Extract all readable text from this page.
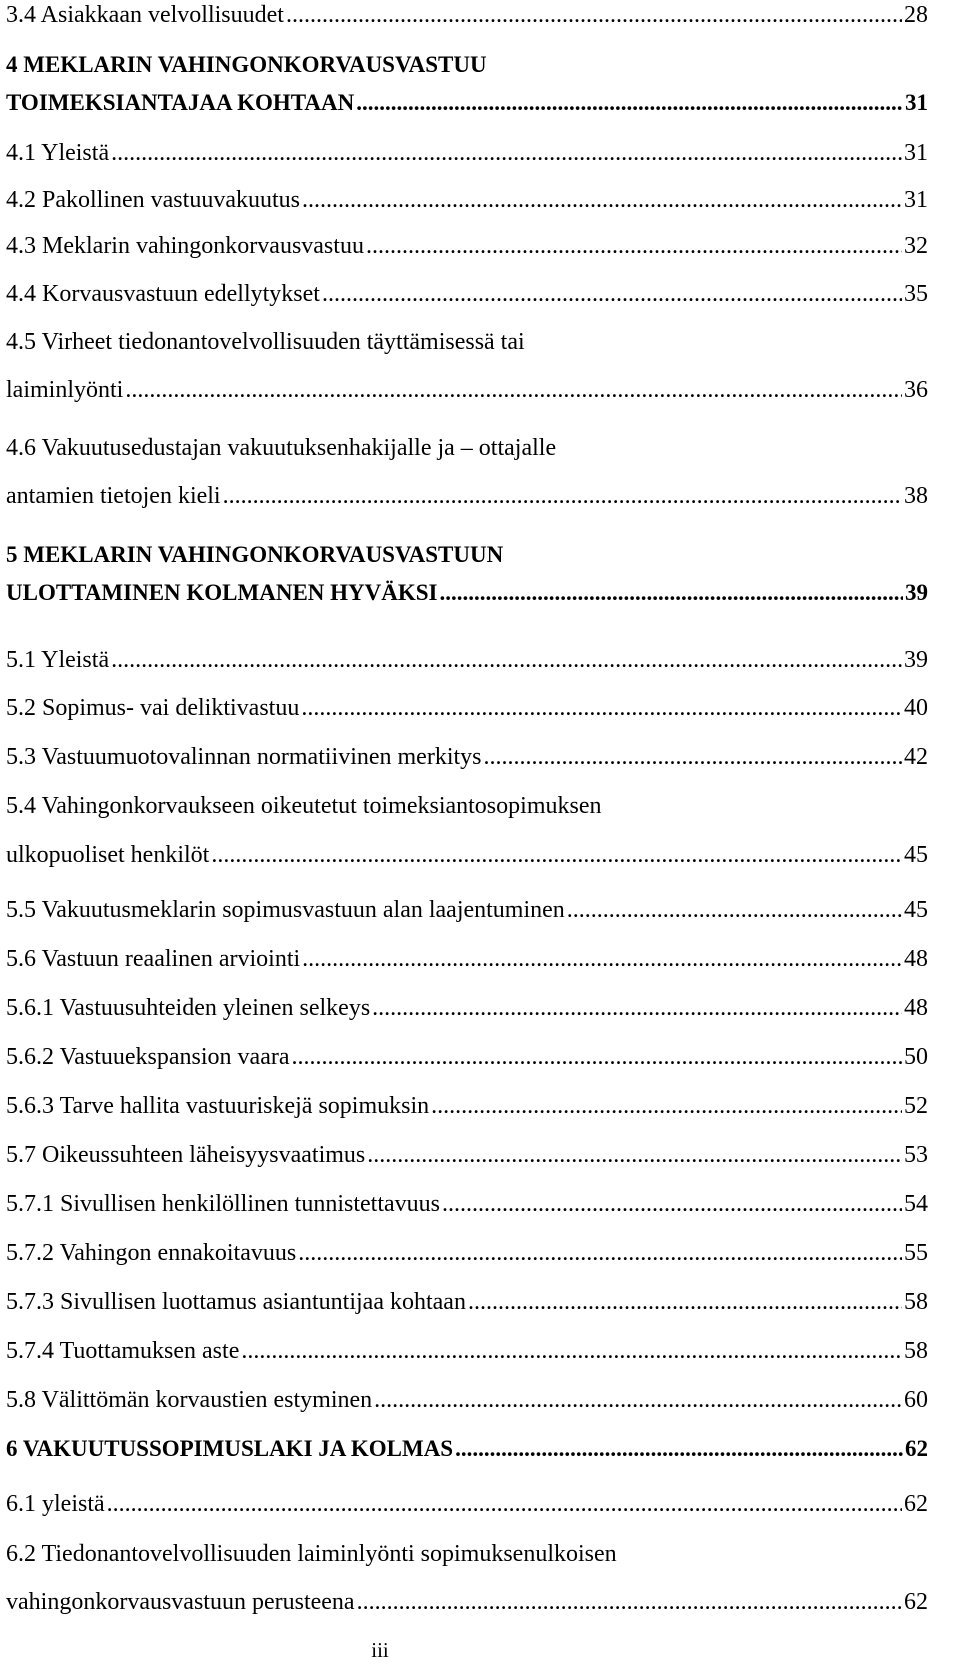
3.4 Asiakkaan velvollisuudet .....	28
4 MEKLARIN VAHINGONKORVAUSVASTUU
TOIMEKSIANTAJAA KOHTAAN .....	31
4.1 Yleistä .....	31
4.2 Pakollinen vastuuvakuutus .....	31
4.3 Meklarin vahingonkorvausvastuu .....	32
4.4 Korvausvastuun edellytykset .....	35
4.5 Virheet tiedonantovelvollisuuden täyttämisessä tai
laiminlyönti .....	36
4.6 Vakuutusedustajan vakuutuksenhakijalle ja – ottajalle
antamien tietojen kieli .....	38
5 MEKLARIN VAHINGONKORVAUSVASTUUN
ULOTTAMINEN KOLMANEN HYVÄKSI .....	39
5.1 Yleistä .....	39
5.2 Sopimus- vai deliktivastuu .....	40
5.3 Vastuumuotovalinnan normatiivinen merkitys .....	42
5.4 Vahingonkorvaukseen oikeutetut toimeksiantosopimuksen
ulkopuoliset henkilöt .....	45
5.5 Vakuutusmeklarin sopimusvastuun alan laajentuminen .....	45
5.6 Vastuun reaalinen arviointi .....	48
5.6.1 Vastuusuhteiden yleinen selkeys .....	48
5.6.2 Vastuuekspansion vaara .....	50
5.6.3 Tarve hallita vastuuriskejä sopimuksin .....	52
5.7 Oikeussuhteen läheisyysvaatimus .....	53
5.7.1 Sivullisen henkilöllinen tunnistettavuus .....	54
5.7.2 Vahingon ennakoitavuus .....	55
5.7.3 Sivullisen luottamus asiantuntijaa kohtaan .....	58
5.7.4 Tuottamuksen aste .....	58
5.8 Välittömän korvaustien estyminen .....	60
6 VAKUUTUSSOPIMUSLAKI JA KOLMAS .....	62
6.1 yleistä .....	62
6.2 Tiedonantovelvollisuuden laiminlyönti sopimuksenulkoisen
vahingonkorvausvastuun perusteena .....	62
iii
